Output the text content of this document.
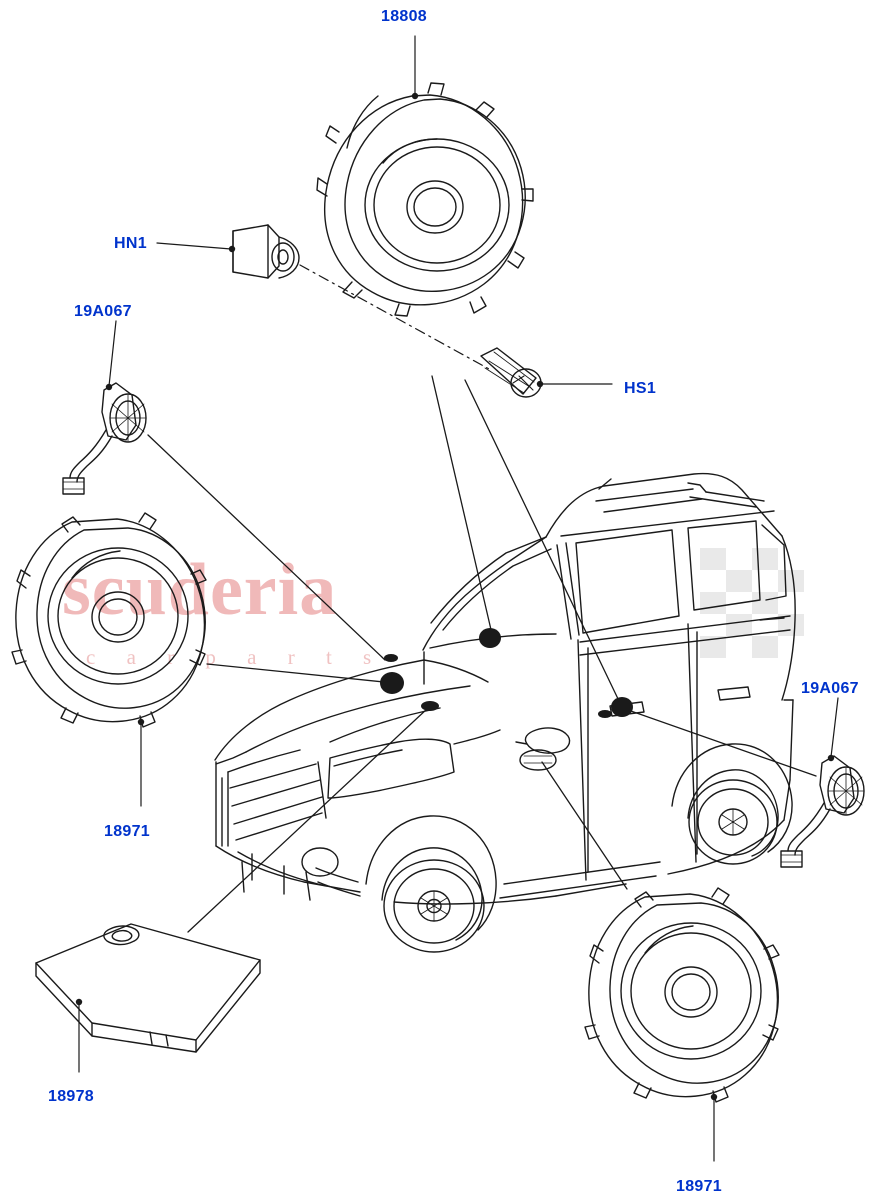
scuderia
c a r p a r t s
18808
HN1
19A067
HS1
19A067
18971
18978
18971
